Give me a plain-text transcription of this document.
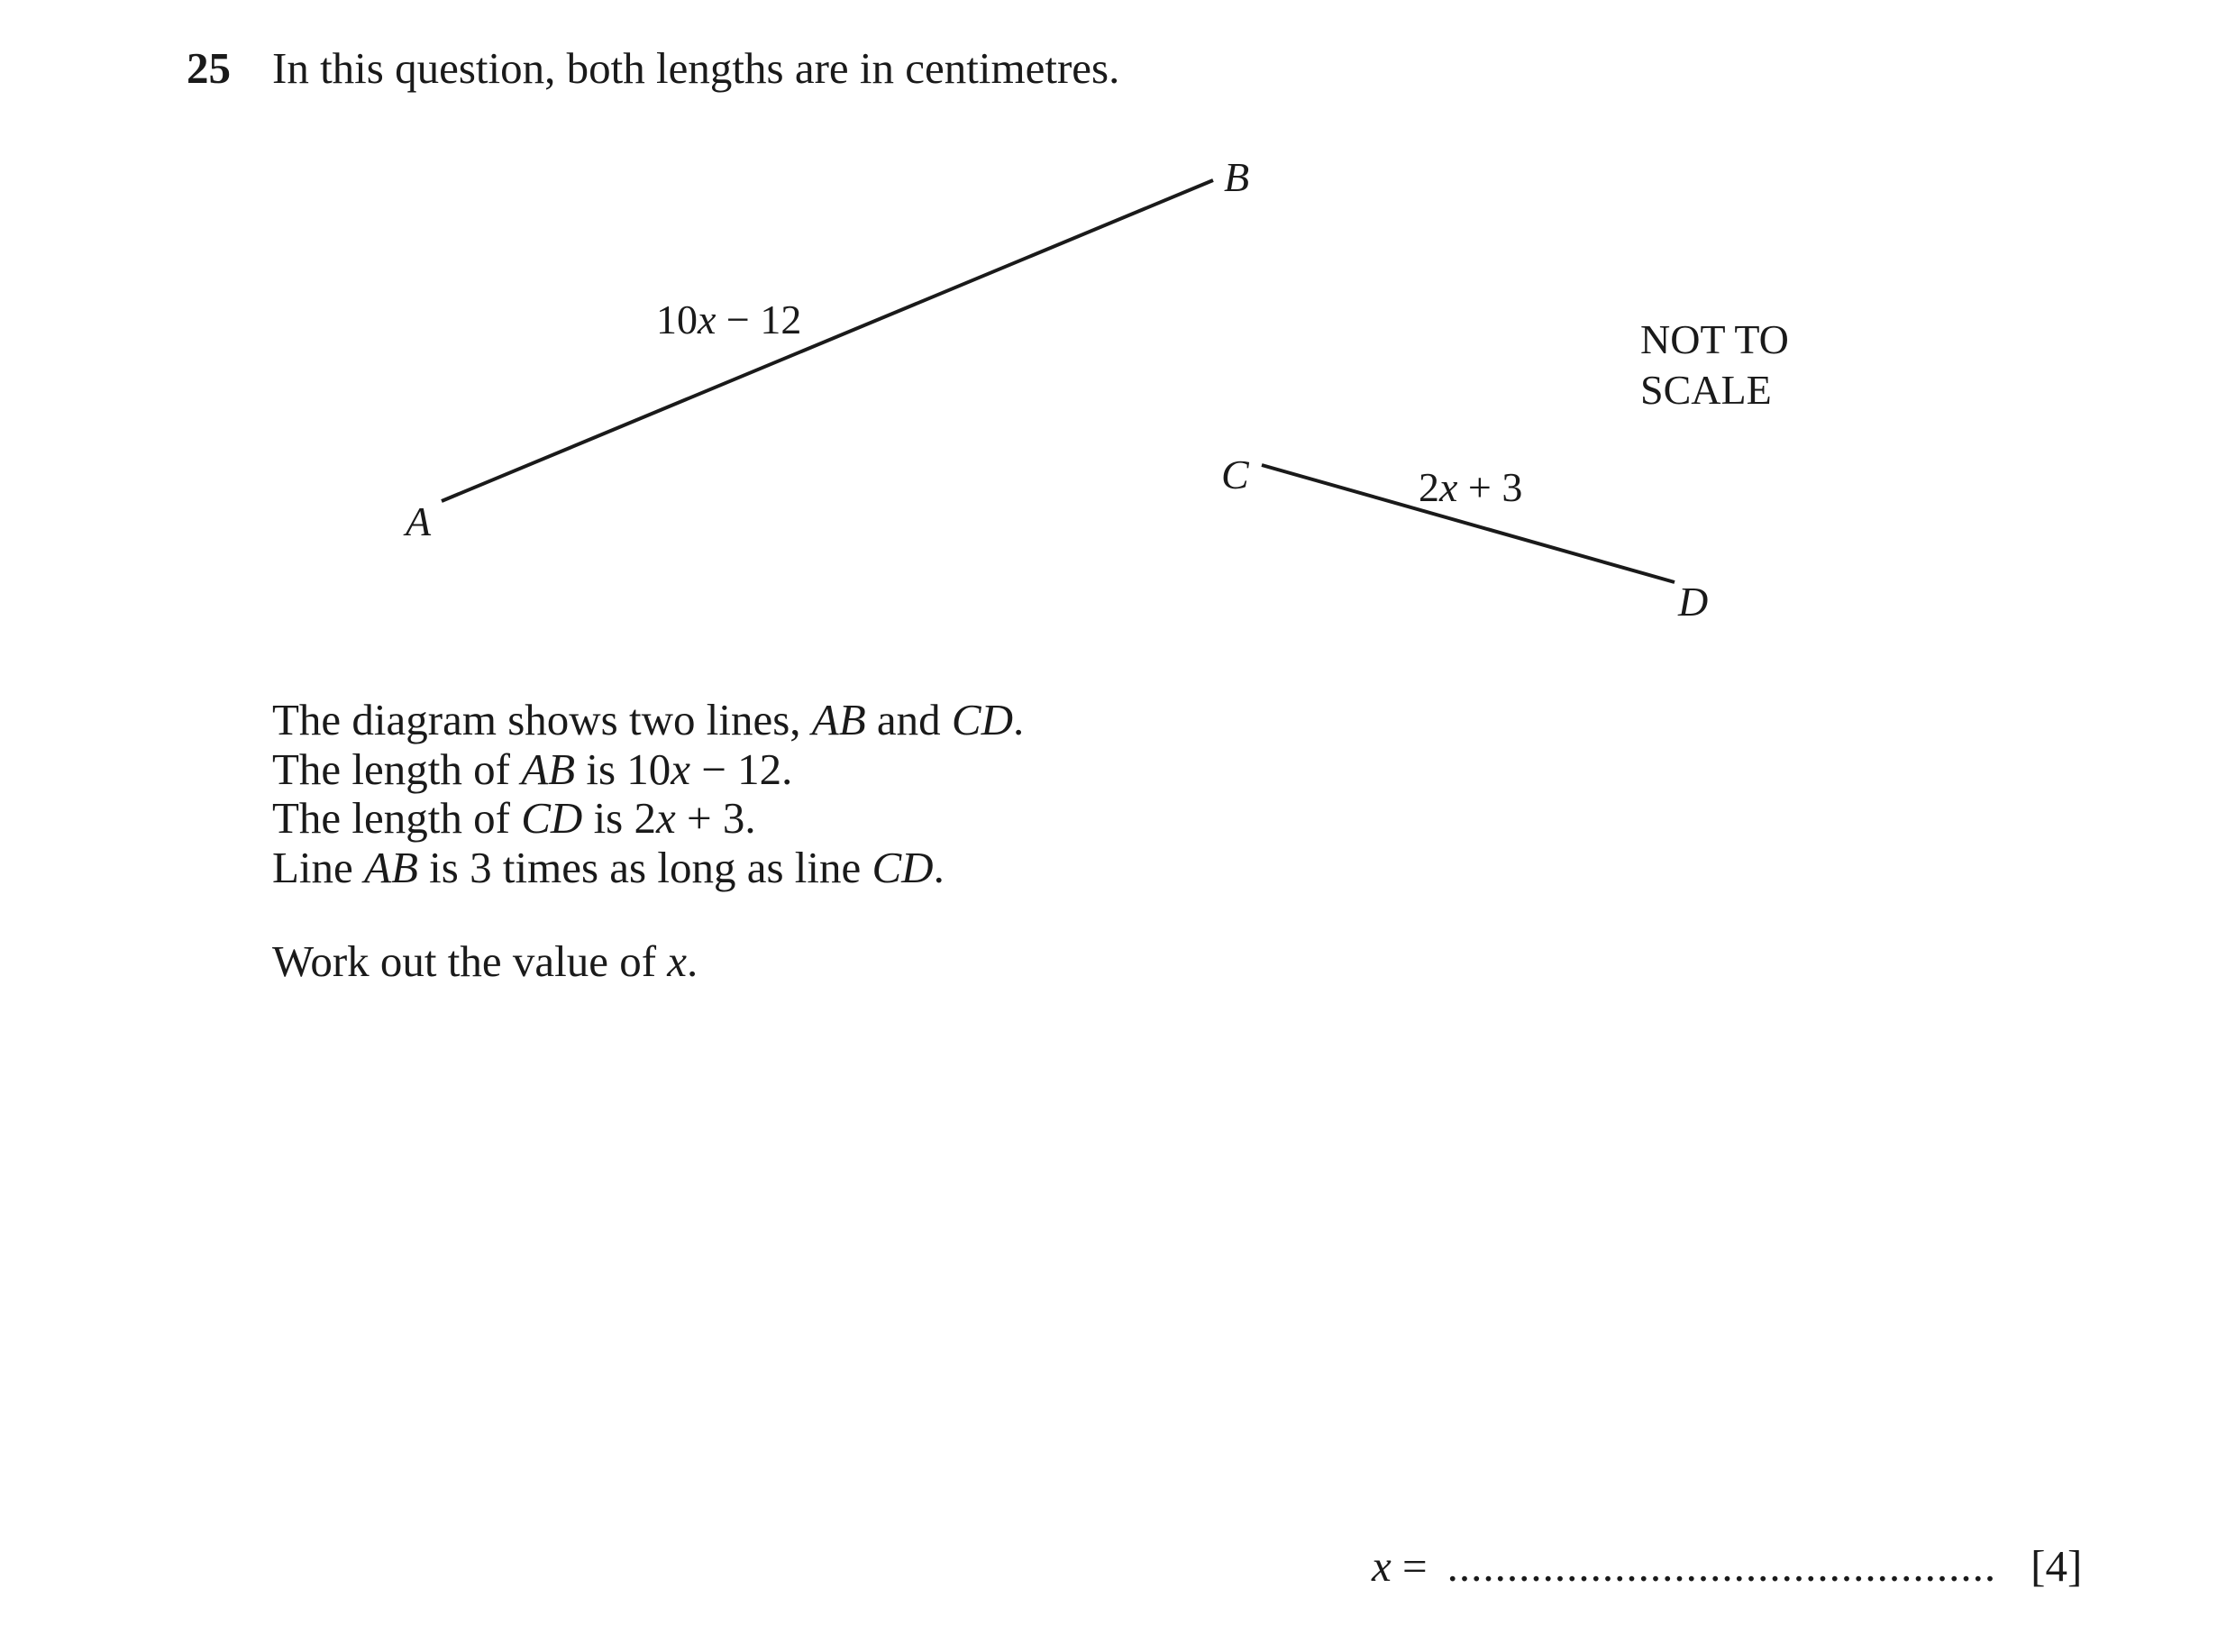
25 In this question, both lengths are in centimetres.
A
B
C
D
10x − 12
2x + 3
NOT TO SCALE
The diagram shows two lines, AB and CD.
The length of AB is 10x − 12.
The length of CD is 2x + 3.
Line AB is 3 times as long as line CD.
Work out the value of x.
x = .............................................. [4]
